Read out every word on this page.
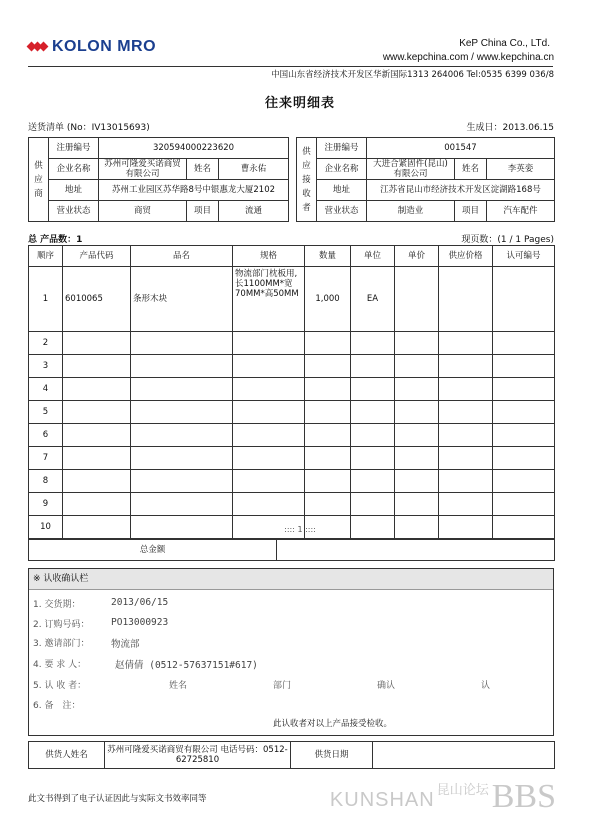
KOLON MRO	KeP China Co., LTd.
www.kepchina.com / www.kepchina.cn
中国山东省经济技术开发区华新国际1313 264006 Tel:0535 6399 036/8
往来明细表
送货清单 (No：IV13015693)	生成日：2013.06.15
供
应
商	注册编号	320594000223620		
	企业名称	苏州可隆爱买诺商贸有限公司	姓名	曹永佑
	地址	苏州工业园区苏华路8号中银惠龙大厦2102		
	营业状态	商贸	项目	流通
供
应
接
收
者	注册编号	001547		
	企业名称	大进合紧固件(昆山)有限公司	姓名	李英娈
	地址	江苏省昆山市经济技术开发区淀湖路168号		
	营业状态	制造业	项目	汽车配件
总 产品数：1	现页数：(1 / 1 Pages)
顺序	产品代码	品名	规格	数量	单位	单价	供应价格	认可编号
1	6010065	条形木块	物流部门枕板用, 长1100MM*宽70MM*高50MM	1,000	EA			
2								
3								
4								
5								
6								
7								
8								
9								
10									:::: 1 ::::
总金额	
※ 认收确认栏
1. 交货期：	2013/06/15
2. 订购号码： PO13000923
3. 邀请部门： 物流部
4. 要 求 人：	赵倩倩 (0512-57637151#617)
5. 认 收 者：	姓名	部门	确认	认
6. 备　注：
此认收者对以上产品接受检收。
供货人姓名	苏州可隆爱买诺商贸有限公司 电话号码：0512-62725810	供货日期	
此文书得到了电子认证因此与实际文书效率同等	KUNSHAN 昆山论坛 BBS
